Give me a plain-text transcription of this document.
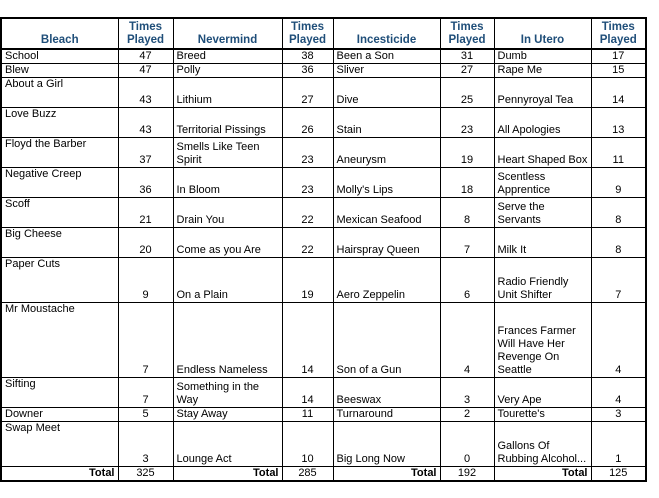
Bleach	Times Played	Nevermind	Times Played	Incesticide	Times Played	In Utero	Times Played
School	47	Breed	38	Been a Son	31	Dumb	17
Blew	47	Polly	36	Sliver	27	Rape Me	15
About a Girl	43	Lithium	27	Dive	25	Pennyroyal Tea	14
Love Buzz	43	Territorial Pissings	26	Stain	23	All Apologies	13
Floyd the Barber	37	Smells Like Teen Spirit	23	Aneurysm	19	Heart Shaped Box	11
Negative Creep	36	In Bloom	23	Molly's Lips	18	Scentless Apprentice	9
Scoff	21	Drain You	22	Mexican Seafood	8	Serve the Servants	8
Big Cheese	20	Come as you Are	22	Hairspray Queen	7	Milk It	8
Paper Cuts	9	On a Plain	19	Aero Zeppelin	6	Radio Friendly Unit Shifter	7
Mr Moustache	7	Endless Nameless	14	Son of a Gun	4	Frances Farmer Will Have Her Revenge On Seattle	4
Sifting	7	Something in the Way	14	Beeswax	3	Very Ape	4
Downer	5	Stay Away	11	Turnaround	2	Tourette's	3
Swap Meet	3	Lounge Act	10	Big Long Now	0	Gallons Of Rubbing Alcohol...	1
Total	325	Total	285	Total	192	Total	125
